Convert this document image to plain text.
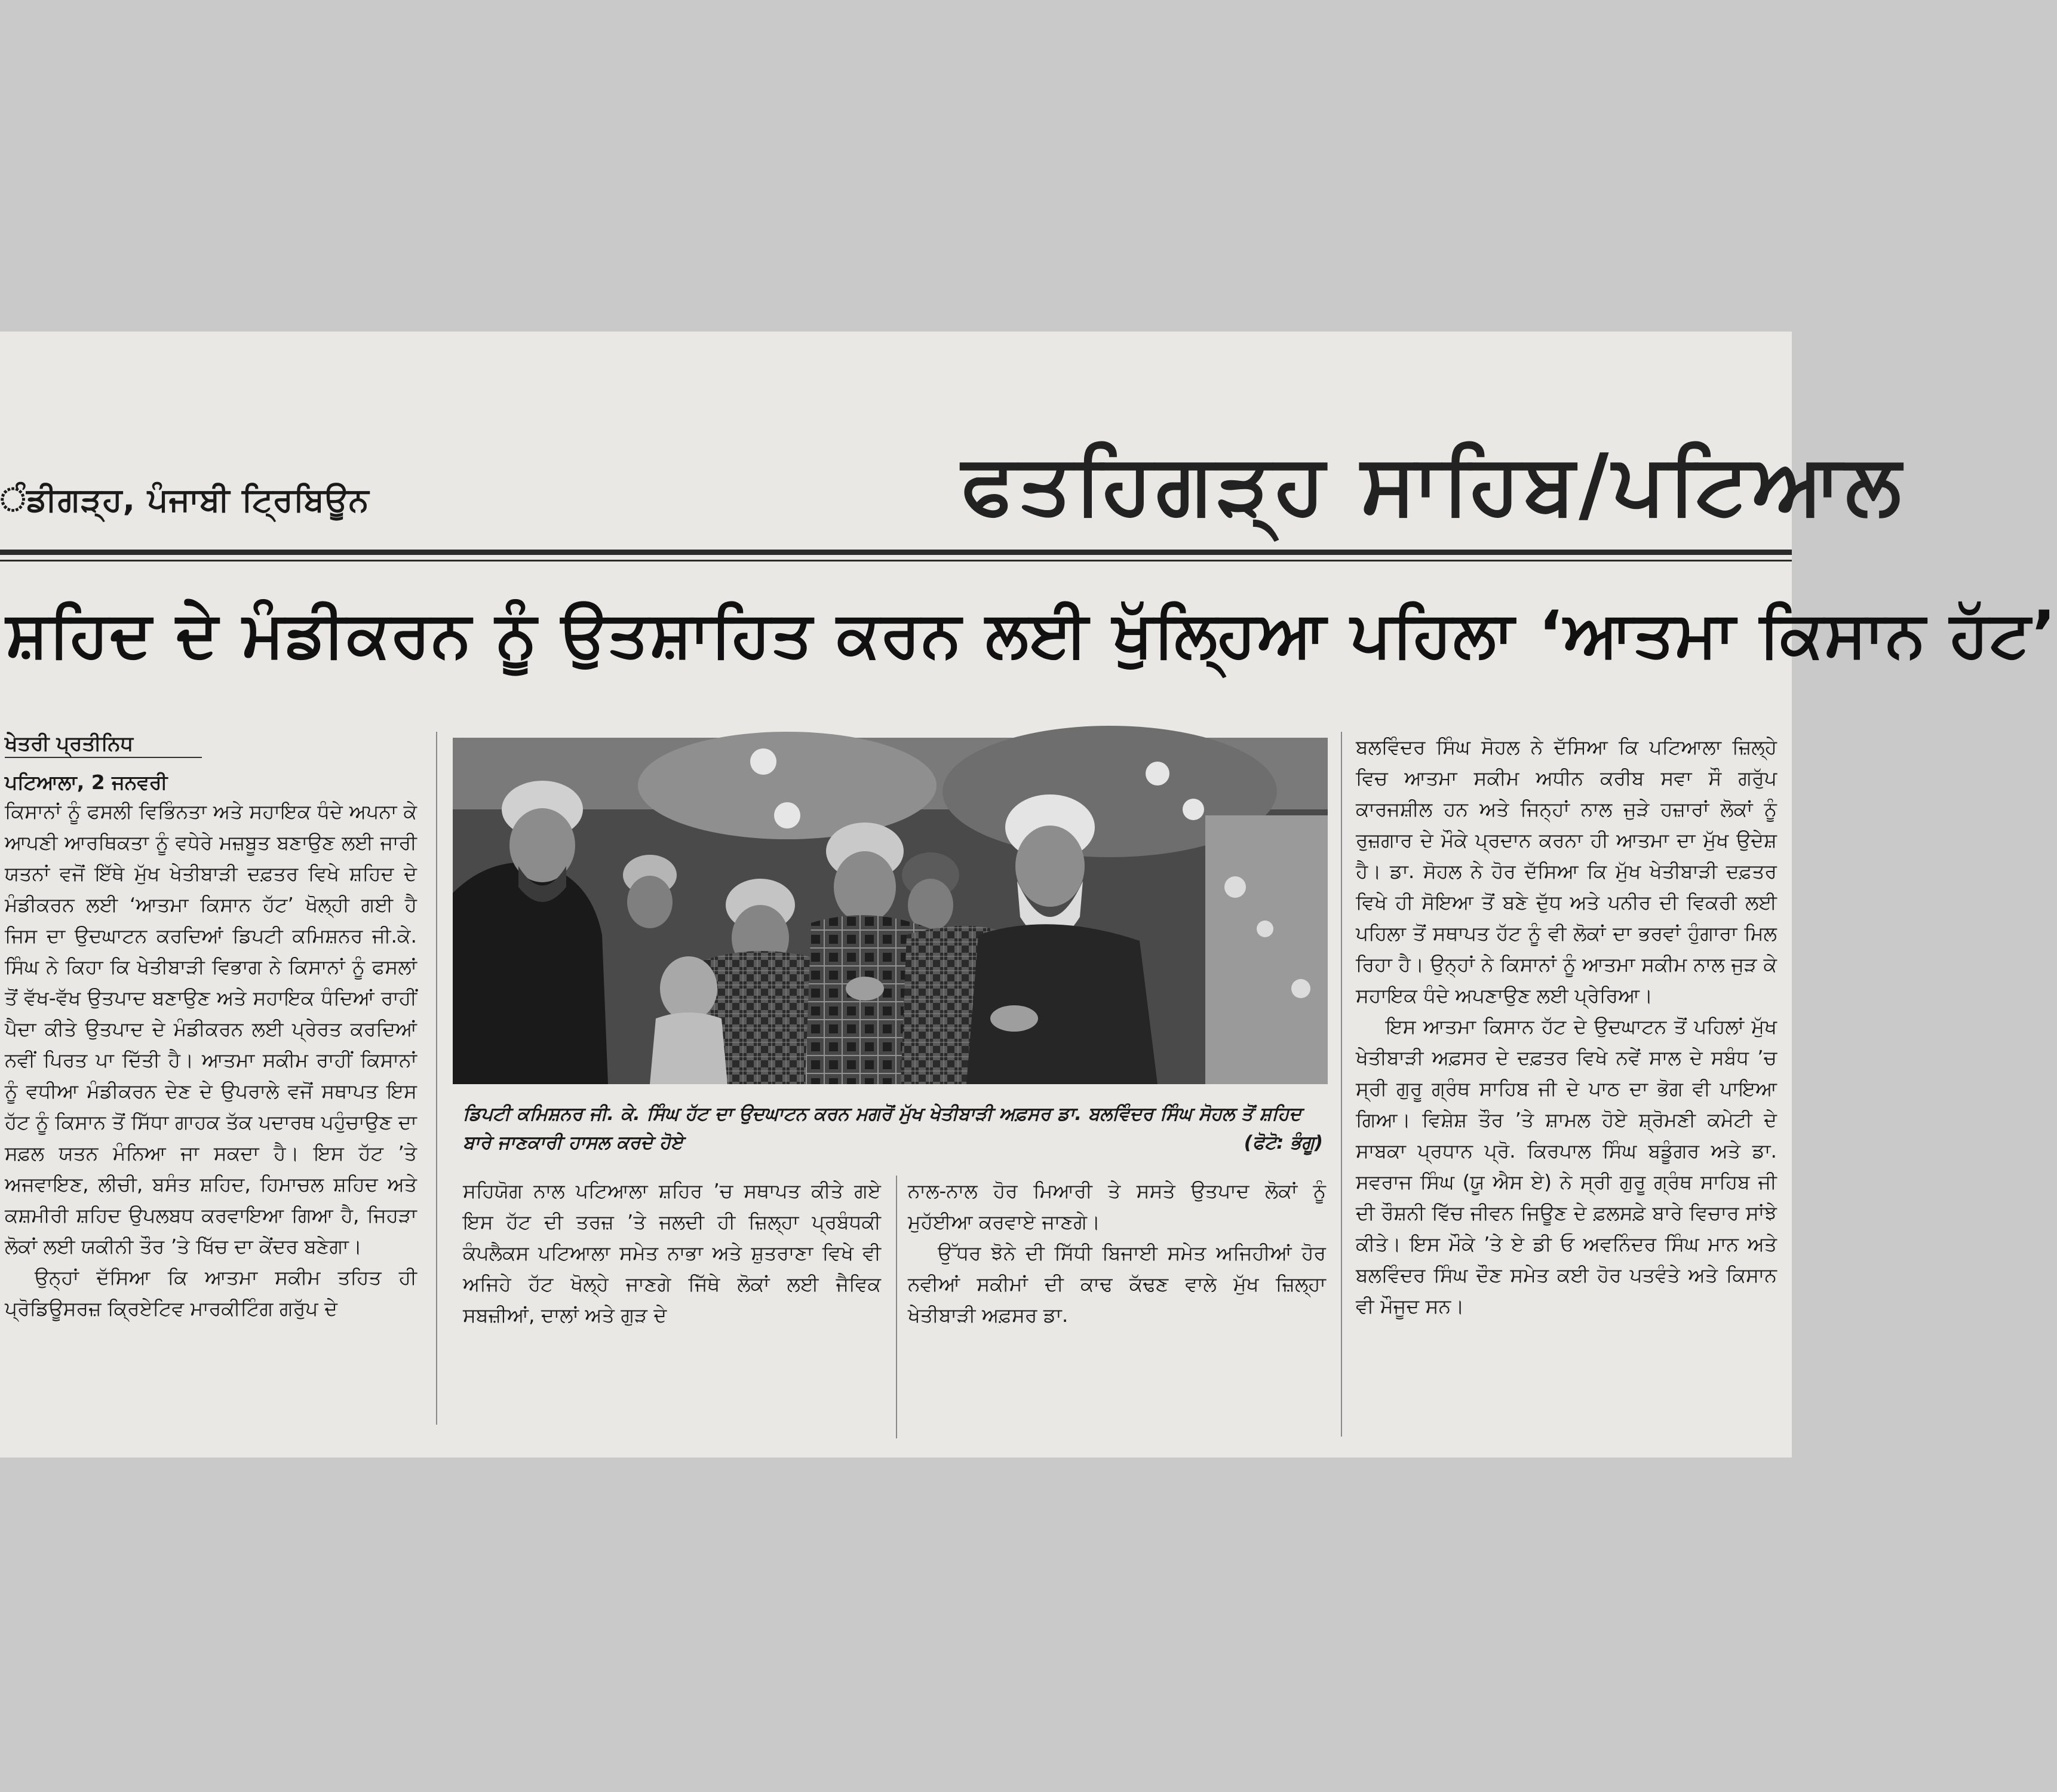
ੰਡੀਗੜ੍ਹ, ਪੰਜਾਬੀ ਟ੍ਰਿਬਿਊਨ	ਫਤਹਿਗੜ੍ਹ ਸਾਹਿਬ/ਪਟਿਆਲ
ਸ਼ਹਿਦ ਦੇ ਮੰਡੀਕਰਨ ਨੂੰ ਉਤਸ਼ਾਹਿਤ ਕਰਨ ਲਈ ਖੁੱਲ੍ਹਿਆ ਪਹਿਲਾ ‘ਆਤਮਾ ਕਿਸਾਨ ਹੱਟ’
ਖੇਤਰੀ ਪ੍ਰਤੀਨਿਧ
ਪਟਿਆਲਾ, 2 ਜਨਵਰੀ

ਕਿਸਾਨਾਂ ਨੂੰ ਫਸਲੀ ਵਿਭਿੰਨਤਾ ਅਤੇ ਸਹਾਇਕ ਧੰਦੇ ਅਪਨਾ ਕੇ ਆਪਣੀ ਆਰਥਿਕਤਾ ਨੂੰ ਵਧੇਰੇ ਮਜ਼ਬੂਤ ਬਣਾਉਣ ਲਈ ਜਾਰੀ ਯਤਨਾਂ ਵਜੋਂ ਇੱਥੇ ਮੁੱਖ ਖੇਤੀਬਾੜੀ ਦਫ਼ਤਰ ਵਿਖੇ ਸ਼ਹਿਦ ਦੇ ਮੰਡੀਕਰਨ ਲਈ ‘ਆਤਮਾ ਕਿਸਾਨ ਹੱਟ’ ਖੋਲ੍ਹੀ ਗਈ ਹੈ ਜਿਸ ਦਾ ਉਦਘਾਟਨ ਕਰਦਿਆਂ ਡਿਪਟੀ ਕਮਿਸ਼ਨਰ ਜੀ.ਕੇ. ਸਿੰਘ ਨੇ ਕਿਹਾ ਕਿ ਖੇਤੀਬਾੜੀ ਵਿਭਾਗ ਨੇ ਕਿਸਾਨਾਂ ਨੂੰ ਫਸਲਾਂ ਤੋਂ ਵੱਖ-ਵੱਖ ਉਤਪਾਦ ਬਣਾਉਣ ਅਤੇ ਸਹਾਇਕ ਧੰਦਿਆਂ ਰਾਹੀਂ ਪੈਦਾ ਕੀਤੇ ਉਤਪਾਦ ਦੇ ਮੰਡੀਕਰਨ ਲਈ ਪ੍ਰੇਰਤ ਕਰਦਿਆਂ ਨਵੀਂ ਪਿਰਤ ਪਾ ਦਿੱਤੀ ਹੈ। ਆਤਮਾ ਸਕੀਮ ਰਾਹੀਂ ਕਿਸਾਨਾਂ ਨੂੰ ਵਧੀਆ ਮੰਡੀਕਰਨ ਦੇਣ ਦੇ ਉਪਰਾਲੇ ਵਜੋਂ ਸਥਾਪਤ ਇਸ ਹੱਟ ਨੂੰ ਕਿਸਾਨ ਤੋਂ ਸਿੱਧਾ ਗਾਹਕ ਤੱਕ ਪਦਾਰਥ ਪਹੁੰਚਾਉਣ ਦਾ ਸਫ਼ਲ ਯਤਨ ਮੰਨਿਆ ਜਾ ਸਕਦਾ ਹੈ। ਇਸ ਹੱਟ ’ਤੇ ਅਜਵਾਇਣ, ਲੀਚੀ, ਬਸੰਤ ਸ਼ਹਿਦ, ਹਿਮਾਚਲ ਸ਼ਹਿਦ ਅਤੇ ਕਸ਼ਮੀਰੀ ਸ਼ਹਿਦ ਉਪਲਬਧ ਕਰਵਾਇਆ ਗਿਆ ਹੈ, ਜਿਹੜਾ ਲੋਕਾਂ ਲਈ ਯਕੀਨੀ ਤੌਰ ’ਤੇ ਖਿੱਚ ਦਾ ਕੇਂਦਰ ਬਣੇਗਾ।

ਉਨ੍ਹਾਂ ਦੱਸਿਆ ਕਿ ਆਤਮਾ ਸਕੀਮ ਤਹਿਤ ਹੀ ਪ੍ਰੋਡਿਊਸਰਜ਼ ਕ੍ਰਿਏਟਿਵ ਮਾਰਕੀਟਿੰਗ ਗਰੁੱਪ ਦੇ

ਡਿਪਟੀ ਕਮਿਸ਼ਨਰ ਜੀ. ਕੇ. ਸਿੰਘ ਹੱਟ ਦਾ ਉਦਘਾਟਨ ਕਰਨ ਮਗਰੋਂ ਮੁੱਖ ਖੇਤੀਬਾੜੀ ਅਫ਼ਸਰ ਡਾ. ਬਲਵਿੰਦਰ ਸਿੰਘ ਸੋਹਲ ਤੋਂ ਸ਼ਹਿਦ ਬਾਰੇ ਜਾਣਕਾਰੀ ਹਾਸਲ ਕਰਦੇ ਹੋਏ	(ਫੋਟੋ: ਭੰਗੂ)

ਸਹਿਯੋਗ ਨਾਲ ਪਟਿਆਲਾ ਸ਼ਹਿਰ ’ਚ ਸਥਾਪਤ ਕੀਤੇ ਗਏ ਇਸ ਹੱਟ ਦੀ ਤਰਜ਼ ’ਤੇ ਜਲਦੀ ਹੀ ਜ਼ਿਲ੍ਹਾ ਪ੍ਰਬੰਧਕੀ ਕੰਪਲੈਕਸ ਪਟਿਆਲਾ ਸਮੇਤ ਨਾਭਾ ਅਤੇ ਸ਼ੁਤਰਾਣਾ ਵਿਖੇ ਵੀ ਅਜਿਹੇ ਹੱਟ ਖੋਲ੍ਹੇ ਜਾਣਗੇ ਜਿੱਥੇ ਲੋਕਾਂ ਲਈ ਜੈਵਿਕ ਸਬਜ਼ੀਆਂ, ਦਾਲਾਂ ਅਤੇ ਗੁੜ ਦੇ

ਨਾਲ-ਨਾਲ ਹੋਰ ਮਿਆਰੀ ਤੇ ਸਸਤੇ ਉਤਪਾਦ ਲੋਕਾਂ ਨੂੰ ਮੁਹੱਈਆ ਕਰਵਾਏ ਜਾਣਗੇ।

ਉੱਧਰ ਝੋਨੇ ਦੀ ਸਿੱਧੀ ਬਿਜਾਈ ਸਮੇਤ ਅਜਿਹੀਆਂ ਹੋਰ ਨਵੀਆਂ ਸਕੀਮਾਂ ਦੀ ਕਾਢ ਕੱਢਣ ਵਾਲੇ ਮੁੱਖ ਜ਼ਿਲ੍ਹਾ ਖੇਤੀਬਾੜੀ ਅਫ਼ਸਰ ਡਾ.

ਬਲਵਿੰਦਰ ਸਿੰਘ ਸੋਹਲ ਨੇ ਦੱਸਿਆ ਕਿ ਪਟਿਆਲਾ ਜ਼ਿਲ੍ਹੇ ਵਿਚ ਆਤਮਾ ਸਕੀਮ ਅਧੀਨ ਕਰੀਬ ਸਵਾ ਸੌ ਗਰੁੱਪ ਕਾਰਜਸ਼ੀਲ ਹਨ ਅਤੇ ਜਿਨ੍ਹਾਂ ਨਾਲ ਜੁੜੇ ਹਜ਼ਾਰਾਂ ਲੋਕਾਂ ਨੂੰ ਰੁਜ਼ਗਾਰ ਦੇ ਮੌਕੇ ਪ੍ਰਦਾਨ ਕਰਨਾ ਹੀ ਆਤਮਾ ਦਾ ਮੁੱਖ ਉਦੇਸ਼ ਹੈ। ਡਾ. ਸੋਹਲ ਨੇ ਹੋਰ ਦੱਸਿਆ ਕਿ ਮੁੱਖ ਖੇਤੀਬਾੜੀ ਦਫ਼ਤਰ ਵਿਖੇ ਹੀ ਸੋਇਆ ਤੋਂ ਬਣੇ ਦੁੱਧ ਅਤੇ ਪਨੀਰ ਦੀ ਵਿਕਰੀ ਲਈ ਪਹਿਲਾ ਤੋਂ ਸਥਾਪਤ ਹੱਟ ਨੂੰ ਵੀ ਲੋਕਾਂ ਦਾ ਭਰਵਾਂ ਹੁੰਗਾਰਾ ਮਿਲ ਰਿਹਾ ਹੈ। ਉਨ੍ਹਾਂ ਨੇ ਕਿਸਾਨਾਂ ਨੂੰ ਆਤਮਾ ਸਕੀਮ ਨਾਲ ਜੁੜ ਕੇ ਸਹਾਇਕ ਧੰਦੇ ਅਪਣਾਉਣ ਲਈ ਪ੍ਰੇਰਿਆ।

ਇਸ ਆਤਮਾ ਕਿਸਾਨ ਹੱਟ ਦੇ ਉਦਘਾਟਨ ਤੋਂ ਪਹਿਲਾਂ ਮੁੱਖ ਖੇਤੀਬਾੜੀ ਅਫ਼ਸਰ ਦੇ ਦਫ਼ਤਰ ਵਿਖੇ ਨਵੇਂ ਸਾਲ ਦੇ ਸਬੰਧ ’ਚ ਸ੍ਰੀ ਗੁਰੂ ਗ੍ਰੰਥ ਸਾਹਿਬ ਜੀ ਦੇ ਪਾਠ ਦਾ ਭੋਗ ਵੀ ਪਾਇਆ ਗਿਆ। ਵਿਸ਼ੇਸ਼ ਤੌਰ ’ਤੇ ਸ਼ਾਮਲ ਹੋਏ ਸ਼੍ਰੋਮਣੀ ਕਮੇਟੀ ਦੇ ਸਾਬਕਾ ਪ੍ਰਧਾਨ ਪ੍ਰੋ. ਕਿਰਪਾਲ ਸਿੰਘ ਬਡੂੰਗਰ ਅਤੇ ਡਾ. ਸਵਰਾਜ ਸਿੰਘ (ਯੂ ਐਸ ਏ) ਨੇ ਸ੍ਰੀ ਗੁਰੂ ਗ੍ਰੰਥ ਸਾਹਿਬ ਜੀ ਦੀ ਰੌਸ਼ਨੀ ਵਿੱਚ ਜੀਵਨ ਜਿਊਣ ਦੇ ਫ਼ਲਸਫ਼ੇ ਬਾਰੇ ਵਿਚਾਰ ਸਾਂਝੇ ਕੀਤੇ। ਇਸ ਮੌਕੇ ’ਤੇ ਏ ਡੀ ਓ ਅਵਨਿੰਦਰ ਸਿੰਘ ਮਾਨ ਅਤੇ ਬਲਵਿੰਦਰ ਸਿੰਘ ਦੌਣ ਸਮੇਤ ਕਈ ਹੋਰ ਪਤਵੰਤੇ ਅਤੇ ਕਿਸਾਨ ਵੀ ਮੌਜੂਦ ਸਨ।
